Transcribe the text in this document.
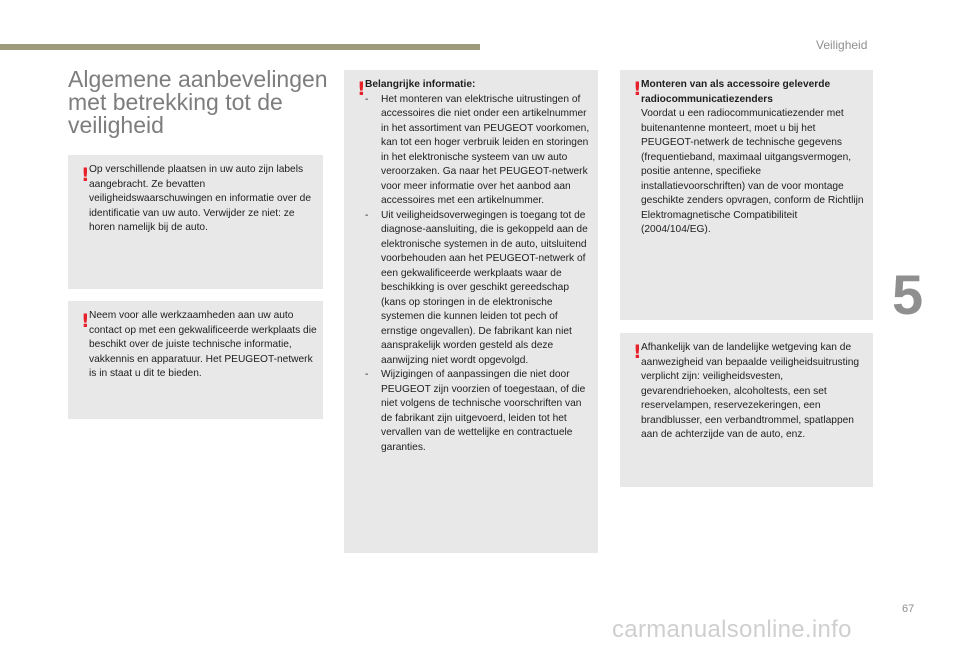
Veiligheid
5
67
carmanualsonline.info
Algemene aanbevelingen met betrekking tot de veiligheid
! Op verschillende plaatsen in uw auto zijn labels aangebracht. Ze bevatten veiligheidswaarschuwingen en informatie over de identificatie van uw auto. Verwijder ze niet: ze horen namelijk bij de auto.
! Neem voor alle werkzaamheden aan uw auto contact op met een gekwalificeerde werkplaats die beschikt over de juiste technische informatie, vakkennis en apparatuur. Het PEUGEOT-netwerk is in staat u dit te bieden.
! Belangrijke informatie:

- Het monteren van elektrische uitrustingen of accessoires die niet onder een artikelnummer in het assortiment van PEUGEOT voorkomen, kan tot een hoger verbruik leiden en storingen in het elektronische systeem van uw auto veroorzaken. Ga naar het PEUGEOT-netwerk voor meer informatie over het aanbod aan accessoires met een artikelnummer.
- Uit veiligheidsoverwegingen is toegang tot de diagnose-aansluiting, die is gekoppeld aan de elektronische systemen in de auto, uitsluitend voorbehouden aan het PEUGEOT-netwerk of een gekwalificeerde werkplaats waar de beschikking is over geschikt gereedschap (kans op storingen in de elektronische systemen die kunnen leiden tot pech of ernstige ongevallen). De fabrikant kan niet aansprakelijk worden gesteld als deze aanwijzing niet wordt opgevolgd.
- Wijzigingen of aanpassingen die niet door PEUGEOT zijn voorzien of toegestaan, of die niet volgens de technische voorschriften van de fabrikant zijn uitgevoerd, leiden tot het vervallen van de wettelijke en contractuele garanties.
! Monteren van als accessoire geleverde radiocommunicatiezenders

Voordat u een radiocommunicatiezender met buitenantenne monteert, moet u bij het PEUGEOT-netwerk de technische gegevens (frequentieband, maximaal uitgangsvermogen, positie antenne, specifieke installatievoorschriften) van de voor montage geschikte zenders opvragen, conform de Richtlijn Elektromagnetische Compatibiliteit (2004/104/EG).

! Afhankelijk van de landelijke wetgeving kan de aanwezigheid van bepaalde veiligheidsuitrusting verplicht zijn: veiligheidsvesten, gevarendriehoeken, alcoholtests, een set reservelampen, reservezekeringen, een brandblusser, een verbandtrommel, spatlappen aan de achterzijde van de auto, enz.
